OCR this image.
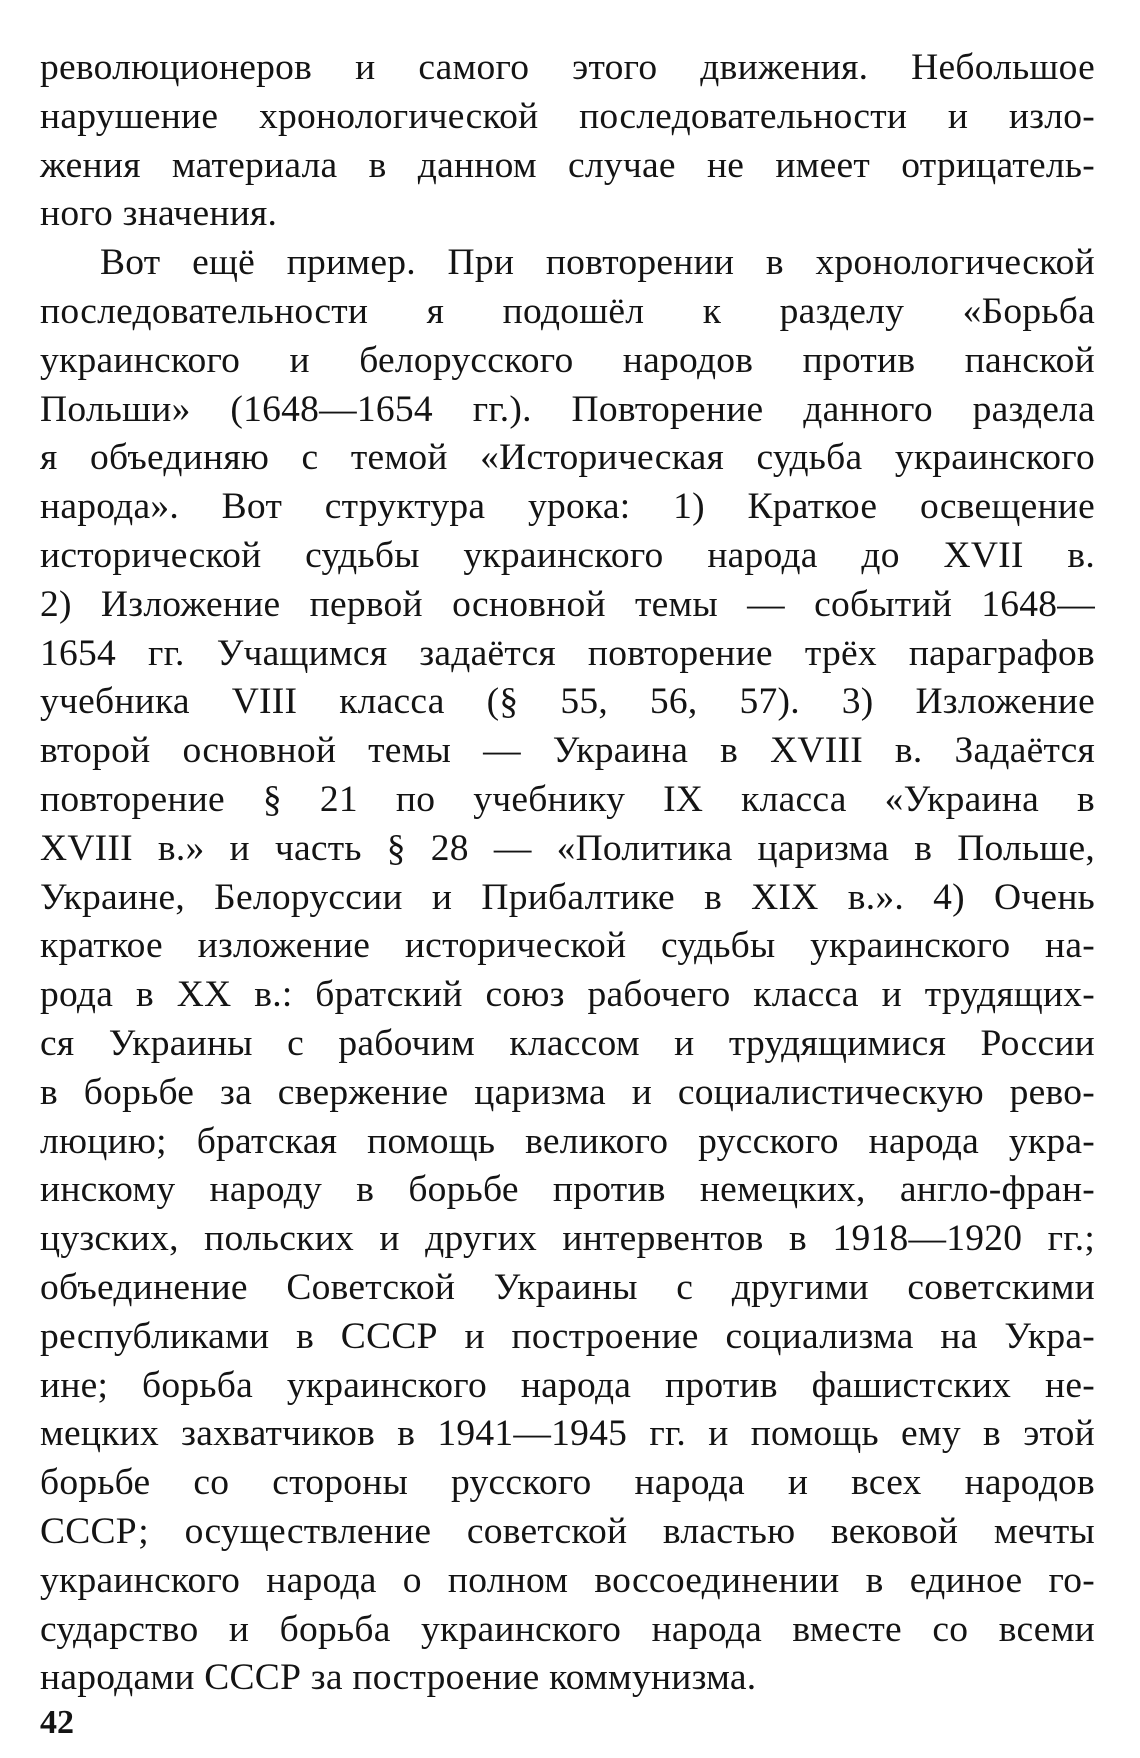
революционеров и самого этого движения. Небольшое
нарушение хронологической последовательности и изло-
жения материала в данном случае не имеет отрицатель-
ного значения.
Вот ещё пример. При повторении в хронологической
последовательности я подошёл к разделу «Борьба
украинского и белорусского народов против панской
Польши» (1648—1654 гг.). Повторение данного раздела
я объединяю с темой «Историческая судьба украинского
народа». Вот структура урока: 1) Краткое освещение
исторической судьбы украинского народа до XVII в.
2) Изложение первой основной темы — событий 1648—
1654 гг. Учащимся задаётся повторение трёх параграфов
учебника VIII класса (§ 55, 56, 57). 3) Изложение
второй основной темы — Украина в XVIII в. Задаётся
повторение § 21 по учебнику IX класса «Украина в
XVIII в.» и часть § 28 — «Политика царизма в Польше,
Украине, Белоруссии и Прибалтике в XIX в.». 4) Очень
краткое изложение исторической судьбы украинского на-
рода в XX в.: братский союз рабочего класса и трудящих-
ся Украины с рабочим классом и трудящимися России
в борьбе за свержение царизма и социалистическую рево-
люцию; братская помощь великого русского народа укра-
инскому народу в борьбе против немецких, англо-фран-
цузских, польских и других интервентов в 1918—1920 гг.;
объединение Советской Украины с другими советскими
республиками в СССР и построение социализма на Укра-
ине; борьба украинского народа против фашистских не-
мецких захватчиков в 1941—1945 гг. и помощь ему в этой
борьбе со стороны русского народа и всех народов
СССР; осуществление советской властью вековой мечты
украинского народа о полном воссоединении в единое го-
сударство и борьба украинского народа вместе со всеми
народами СССР за построение коммунизма.
42
